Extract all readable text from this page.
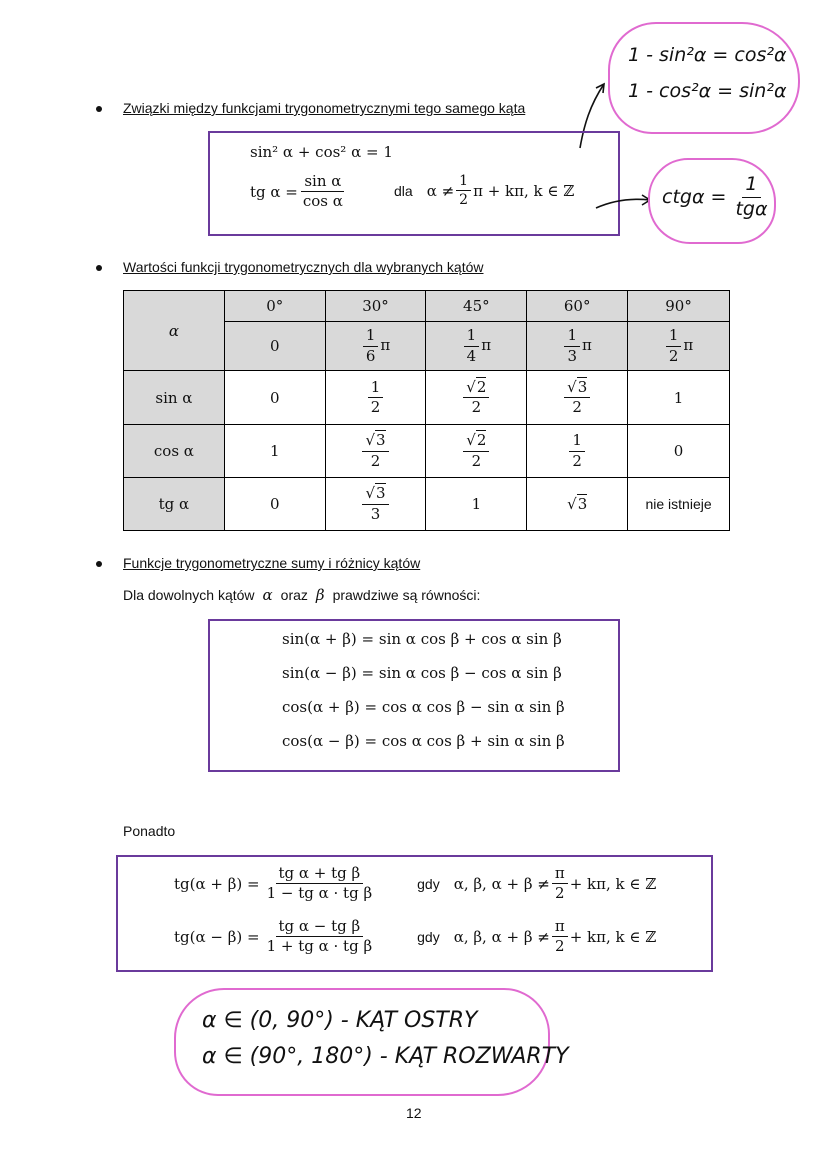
1 - sin²α = cos²α
1 - cos²α = sin²α
Związki między funkcjami trygonometrycznymi tego samego kąta
sin² α + cos² α = 1
tg $\alpha = \frac{\text{sin α}}{\text{cos α}}$	dla $\alpha \ne \frac{1}{2}$ π + kπ, k ∈ ℤ	$ctg\alpha = \frac{1}{\text{tgα}}$
Wartości funkcji trygonometrycznych dla wybranych kątów
α	0°	30°	45°	60°	90°
	0	$\frac{1}{6}$ π	$\frac{1}{4}$ π	$\frac{1}{3}$ π	$\frac{1}{2}$ π
sin α	0	$\frac{1}{2}$	$\frac{√2}{2}$	$\frac{√3}{2}$	1
cos α	1	$\frac{√3}{2}$	$\frac{√2}{2}$	$\frac{1}{2}$	0
tg α	0	$\frac{√3}{3}$	1	√3	nie istnieje
Funkcje trygonometryczne sumy i różnicy kątów
Dla dowolnych kątów α oraz β prawdziwe są równości:
sin(α + β) = sin α cos β + cos α sin β
sin(α − β) = sin α cos β − cos α sin β
cos(α + β) = cos α cos β − sin α sin β
cos(α − β) = cos α cos β + sin α sin β
Ponadto
$tg(\alpha + \beta) = \frac{\text{tg α + tg β}}{\text{1 − tg α · tg β}}$	gdy α, β, $\alpha + \beta \ne \frac{\pi}{2} + k\pi$, k ∈ ℤ
$tg(\alpha - \beta) = \frac{\text{tg α − tg β}}{\text{1 + tg α · tg β}}$	gdy α, β, $\alpha + \beta \ne \frac{\pi}{2} + k\pi$, k ∈ ℤ
α ∈ (0, 90°) - KĄT OSTRY
α ∈ (90°, 180°) - KĄT ROZWARTY
12
